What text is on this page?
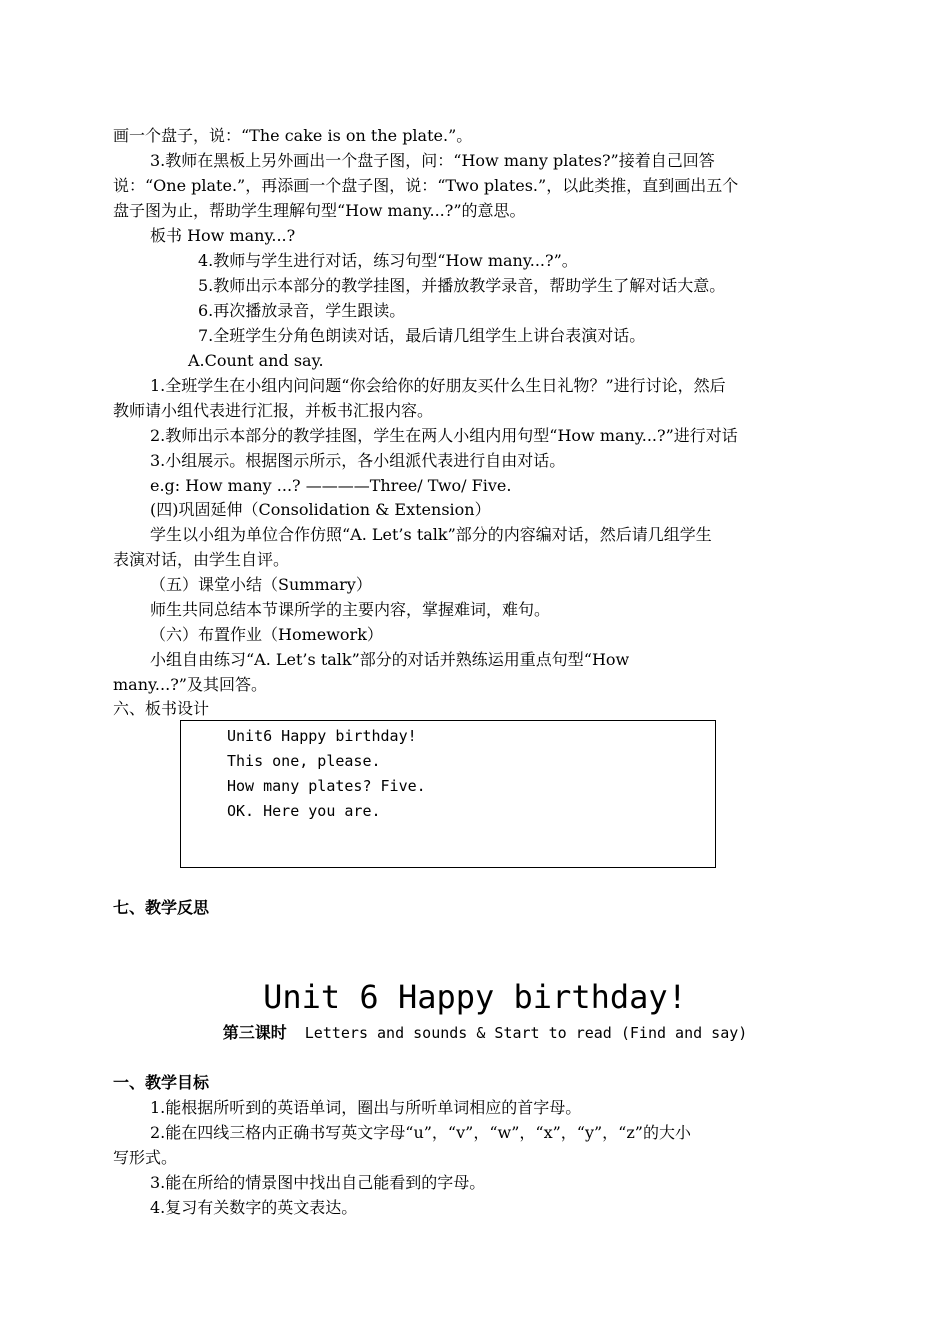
画一个盘子，说：“The cake is on the plate.”。
3.教师在黑板上另外画出一个盘子图，问：“How many plates?”接着自己回答
说：“One plate.”，再添画一个盘子图，说：“Two plates.”，以此类推，直到画出五个
盘子图为止，帮助学生理解句型“How many...?”的意思。
板书 How many...?
4.教师与学生进行对话，练习句型“How many...?”。
5.教师出示本部分的教学挂图，并播放教学录音，帮助学生了解对话大意。
6.再次播放录音，学生跟读。
7.全班学生分角色朗读对话，最后请几组学生上讲台表演对话。
A.Count and say.
1.全班学生在小组内问问题“你会给你的好朋友买什么生日礼物？”进行讨论，然后
教师请小组代表进行汇报，并板书汇报内容。
2.教师出示本部分的教学挂图，学生在两人小组内用句型“How many...?”进行对话
3.小组展示。根据图示所示，各小组派代表进行自由对话。
e.g: How many ...? ————Three/ Two/ Five.
(四)巩固延伸（Consolidation & Extension）
学生以小组为单位合作仿照“A. Let’s talk”部分的内容编对话，然后请几组学生
表演对话，由学生自评。
（五）课堂小结（Summary）
师生共同总结本节课所学的主要内容，掌握难词，难句。
（六）布置作业（Homework）
小组自由练习“A. Let’s talk”部分的对话并熟练运用重点句型“How
many...?”及其回答。
六、板书设计
Unit6 Happy birthday!
This one, please.
How many plates? Five.
OK. Here you are.
七、教学反思
Unit 6 Happy birthday!
第三课时  Letters and sounds & Start to read (Find and say)
一、教学目标
1.能根据所听到的英语单词，圈出与所听单词相应的首字母。
2.能在四线三格内正确书写英文字母“u”，“v”，“w”，“x”，“y”，“z”的大小
写形式。
3.能在所给的情景图中找出自己能看到的字母。
4.复习有关数字的英文表达。
